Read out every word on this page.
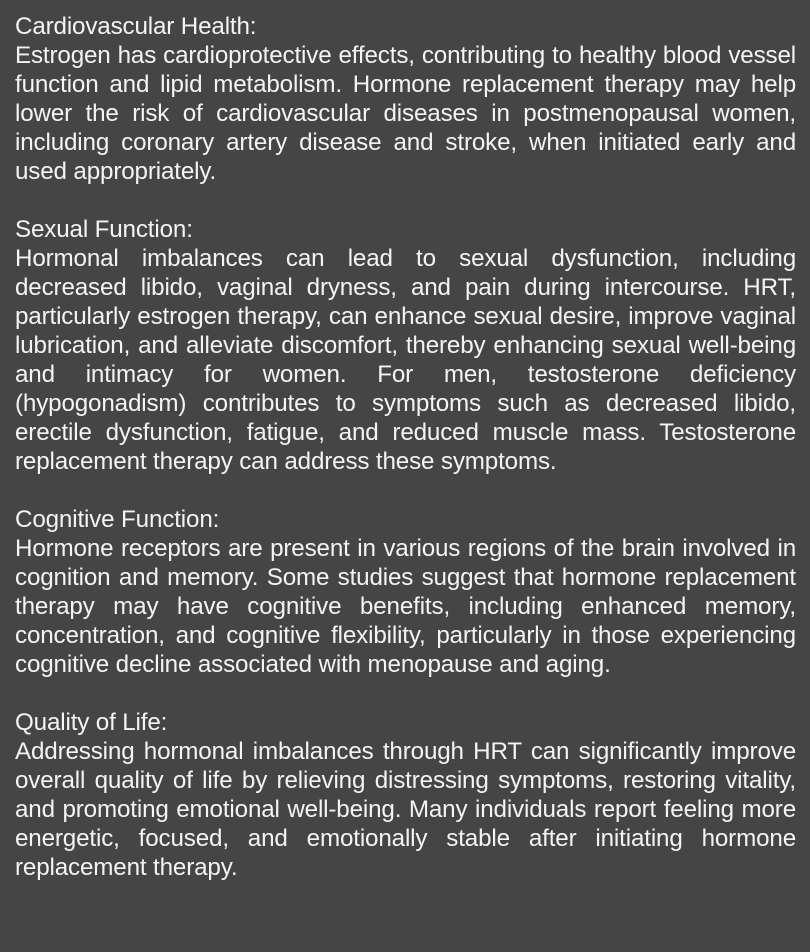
Cardiovascular Health:

Estrogen has cardioprotective effects, contributing to healthy blood vessel function and lipid metabolism. Hormone replacement therapy may help lower the risk of cardiovascular diseases in postmenopausal women, including coronary artery disease and stroke, when initiated early and used appropriately.

Sexual Function:

Hormonal imbalances can lead to sexual dysfunction, including decreased libido, vaginal dryness, and pain during intercourse. HRT, particularly estrogen therapy, can enhance sexual desire, improve vaginal lubrication, and alleviate discomfort, thereby enhancing sexual well-being and intimacy for women. For men, testosterone deficiency (hypogonadism) contributes to symptoms such as decreased libido, erectile dysfunction, fatigue, and reduced muscle mass. Testosterone replacement therapy can address these symptoms.

Cognitive Function:

Hormone receptors are present in various regions of the brain involved in cognition and memory. Some studies suggest that hormone replacement therapy may have cognitive benefits, including enhanced memory, concentration, and cognitive flexibility, particularly in those experiencing cognitive decline associated with menopause and aging.

Quality of Life:

Addressing hormonal imbalances through HRT can significantly improve overall quality of life by relieving distressing symptoms, restoring vitality, and promoting emotional well-being. Many individuals report feeling more energetic, focused, and emotionally stable after initiating hormone replacement therapy.
